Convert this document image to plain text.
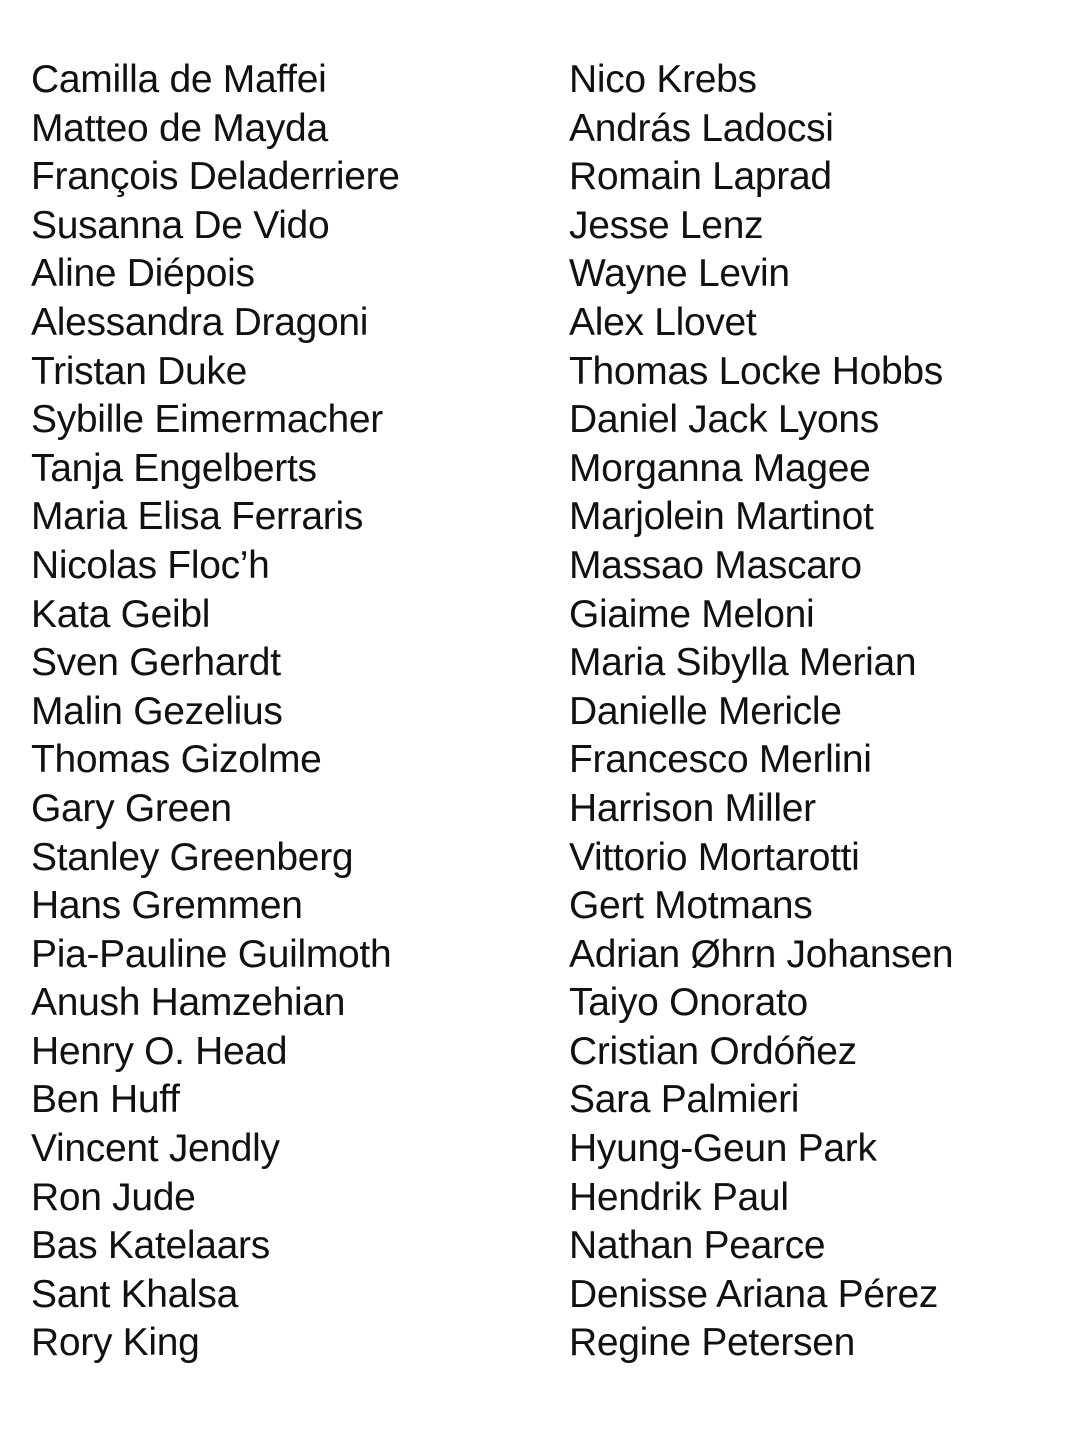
Camilla de Maffei
Matteo de Mayda
François Deladerriere
Susanna De Vido
Aline Diépois
Alessandra Dragoni
Tristan Duke
Sybille Eimermacher
Tanja Engelberts
Maria Elisa Ferraris
Nicolas Floc’h
Kata Geibl
Sven Gerhardt
Malin Gezelius
Thomas Gizolme
Gary Green
Stanley Greenberg
Hans Gremmen
Pia-Pauline Guilmoth
Anush Hamzehian
Henry O. Head
Ben Huff
Vincent Jendly
Ron Jude
Bas Katelaars
Sant Khalsa
Rory King
Nico Krebs
András Ladocsi
Romain Laprad
Jesse Lenz
Wayne Levin
Alex Llovet
Thomas Locke Hobbs
Daniel Jack Lyons
Morganna Magee
Marjolein Martinot
Massao Mascaro
Giaime Meloni
Maria Sibylla Merian
Danielle Mericle
Francesco Merlini
Harrison Miller
Vittorio Mortarotti
Gert Motmans
Adrian Øhrn Johansen
Taiyo Onorato
Cristian Ordóñez
Sara Palmieri
Hyung-Geun Park
Hendrik Paul
Nathan Pearce
Denisse Ariana Pérez
Regine Petersen
